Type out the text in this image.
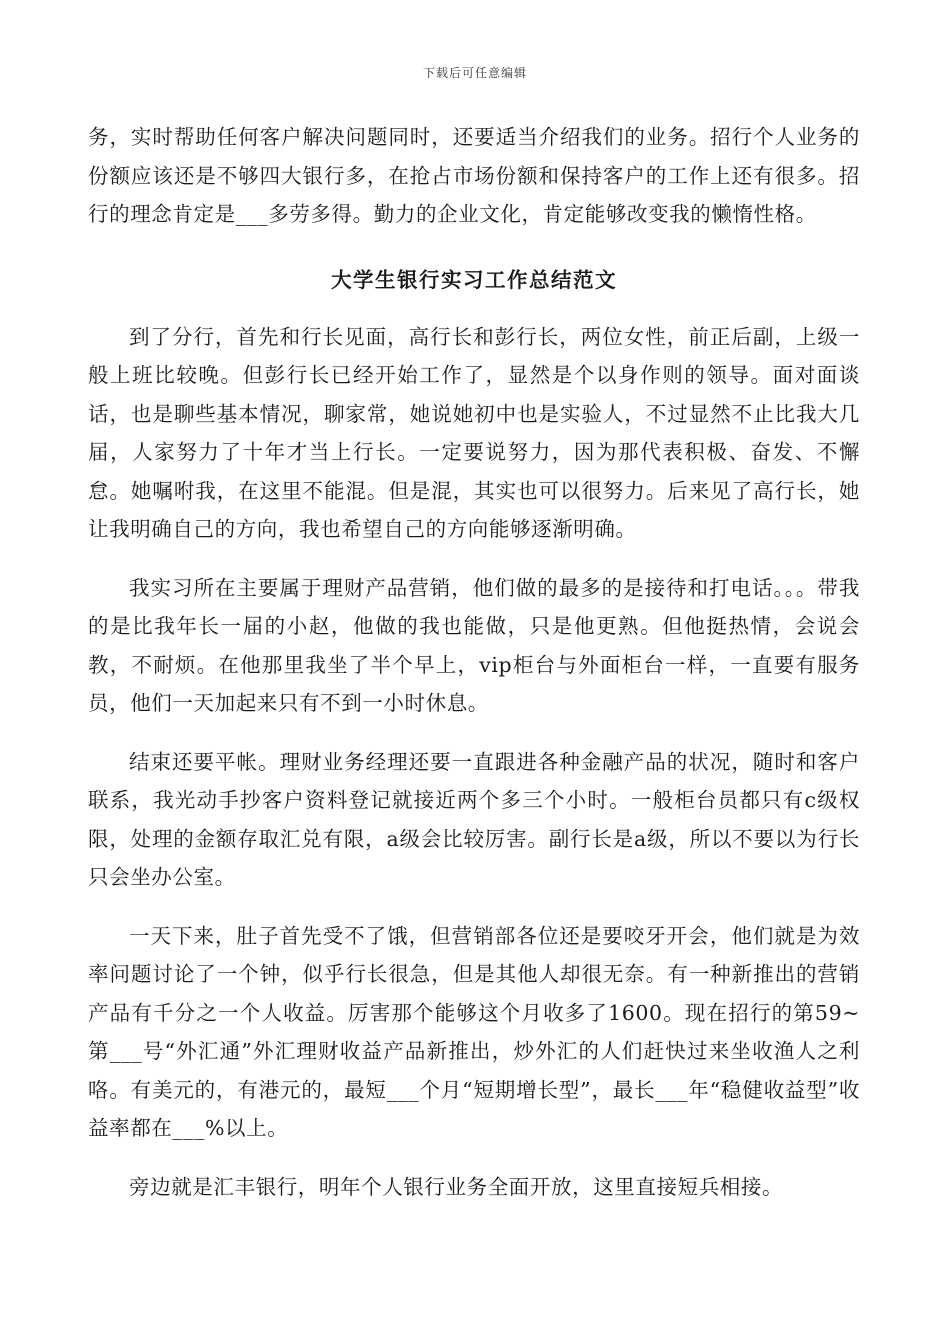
下载后可任意编辑

务，实时帮助任何客户解决问题同时，还要适当介绍我们的业务。招行个人业务的份额应该还是不够四大银行多，在抢占市场份额和保持客户的工作上还有很多。招行的理念肯定是___多劳多得。勤力的企业文化，肯定能够改变我的懒惰性格。

大学生银行实习工作总结范文

到了分行，首先和行长见面，高行长和彭行长，两位女性，前正后副，上级一般上班比较晚。但彭行长已经开始工作了，显然是个以身作则的领导。面对面谈话，也是聊些基本情况，聊家常，她说她初中也是实验人，不过显然不止比我大几届，人家努力了十年才当上行长。一定要说努力，因为那代表积极、奋发、不懈怠。她嘱咐我，在这里不能混。但是混，其实也可以很努力。后来见了高行长，她让我明确自己的方向，我也希望自己的方向能够逐渐明确。

我实习所在主要属于理财产品营销，他们做的最多的是接待和打电话。。。带我的是比我年长一届的小赵，他做的我也能做，只是他更熟。但他挺热情，会说会教，不耐烦。在他那里我坐了半个早上，vip柜台与外面柜台一样，一直要有服务员，他们一天加起来只有不到一小时休息。

结束还要平帐。理财业务经理还要一直跟进各种金融产品的状况，随时和客户联系，我光动手抄客户资料登记就接近两个多三个小时。一般柜台员都只有c级权限，处理的金额存取汇兑有限，a级会比较厉害。副行长是a级，所以不要以为行长只会坐办公室。

一天下来，肚子首先受不了饿，但营销部各位还是要咬牙开会，他们就是为效率问题讨论了一个钟，似乎行长很急，但是其他人却很无奈。有一种新推出的营销产品有千分之一个人收益。厉害那个能够这个月收多了1600。现在招行的第59~第___号“外汇通”外汇理财收益产品新推出，炒外汇的人们赶快过来坐收渔人之利咯。有美元的，有港元的，最短___个月“短期增长型”，最长___年“稳健收益型”收益率都在___%以上。

旁边就是汇丰银行，明年个人银行业务全面开放，这里直接短兵相接。
